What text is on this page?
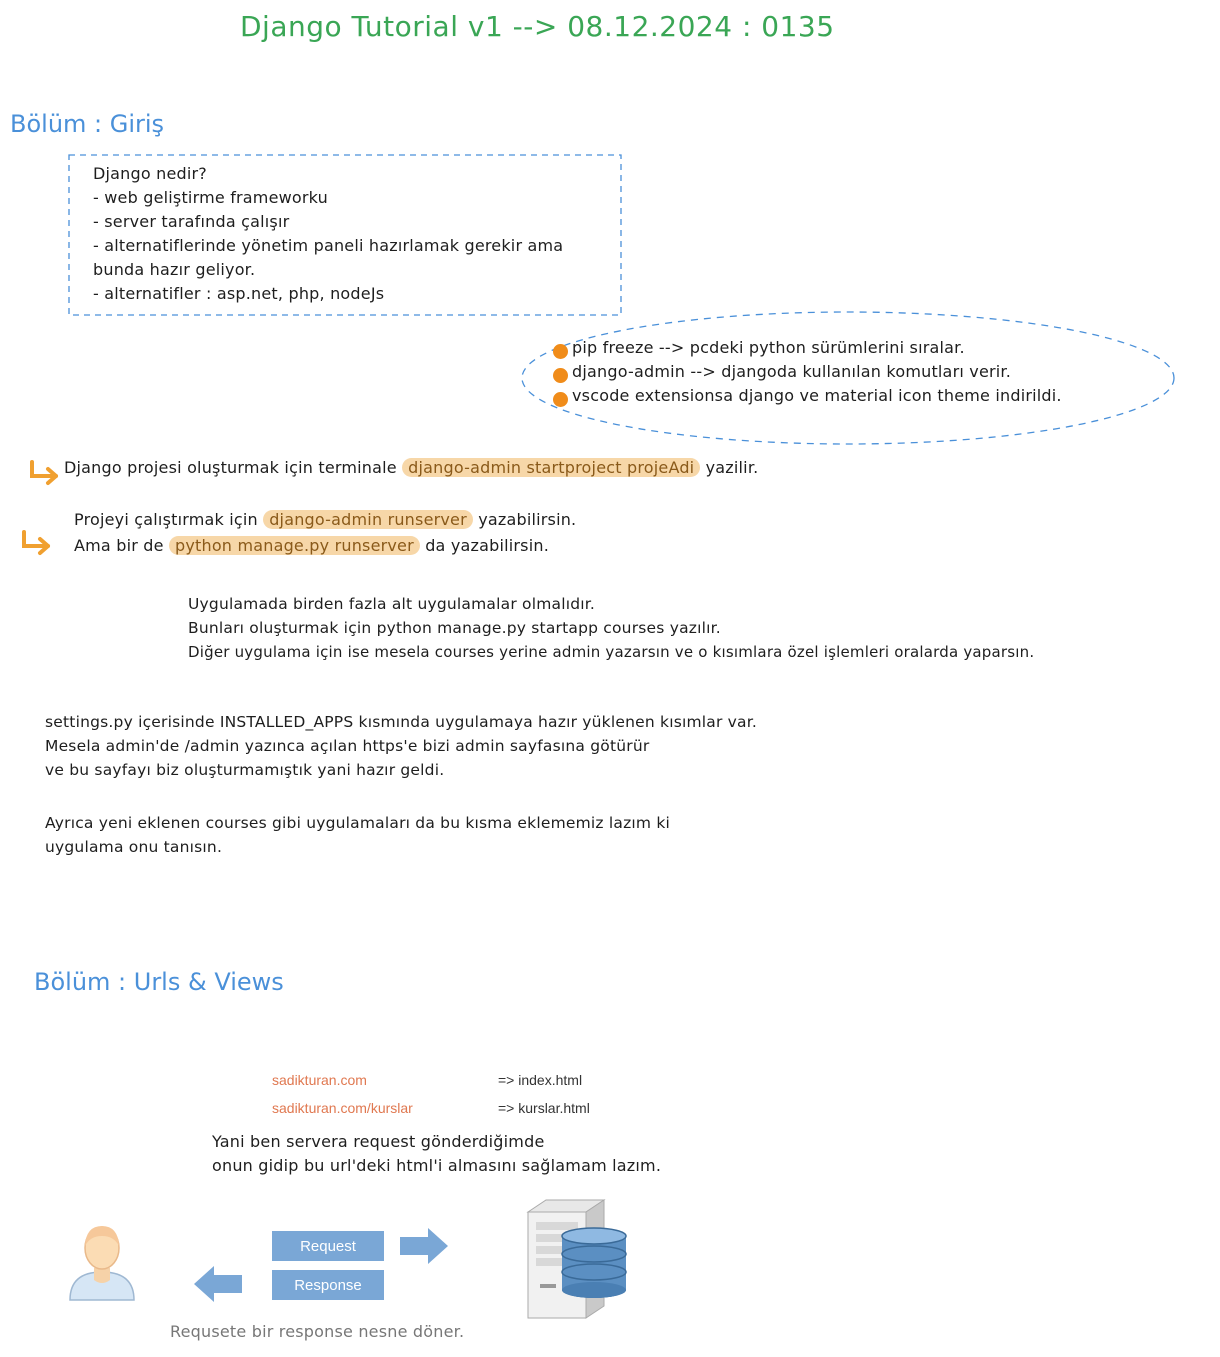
Django Tutorial v1 --> 08.12.2024 : 0135
Bölüm : Giriş
Django nedir?
- web geliştirme frameworku
- server tarafında çalışır
- alternatiflerinde yönetim paneli hazırlamak gerekir ama
bunda hazır geliyor.
- alternatifler : asp.net, php, nodeJs
pip freeze --> pcdeki python sürümlerini sıralar.
django-admin --> djangoda kullanılan komutları verir.
vscode extensionsa django ve material icon theme indirildi.
Django projesi oluşturmak için terminale django-admin startproject projeAdi yazilir.
Projeyi çalıştırmak için django-admin runserver yazabilirsin.
Ama bir de python manage.py runserver da yazabilirsin.
Uygulamada birden fazla alt uygulamalar olmalıdır.
Bunları oluşturmak için python manage.py startapp courses yazılır.
Diğer uygulama için ise mesela courses yerine admin yazarsın ve o kısımlara özel işlemleri oralarda yaparsın.
settings.py içerisinde INSTALLED_APPS kısmında uygulamaya hazır yüklenen kısımlar var.
Mesela admin'de /admin yazınca açılan https'e bizi admin sayfasına götürür
ve bu sayfayı biz oluşturmamıştık yani hazır geldi.
Ayrıca yeni eklenen courses gibi uygulamaları da bu kısma eklememiz lazım ki
uygulama onu tanısın.
Bölüm : Urls & Views
sadikturan.com	=> index.html
sadikturan.com/kurslar	=> kurslar.html
Yani ben servera request gönderdiğimde
onun gidip bu url'deki html'i almasını sağlamam lazım.
Request
Response
Requsete bir response nesne döner.
